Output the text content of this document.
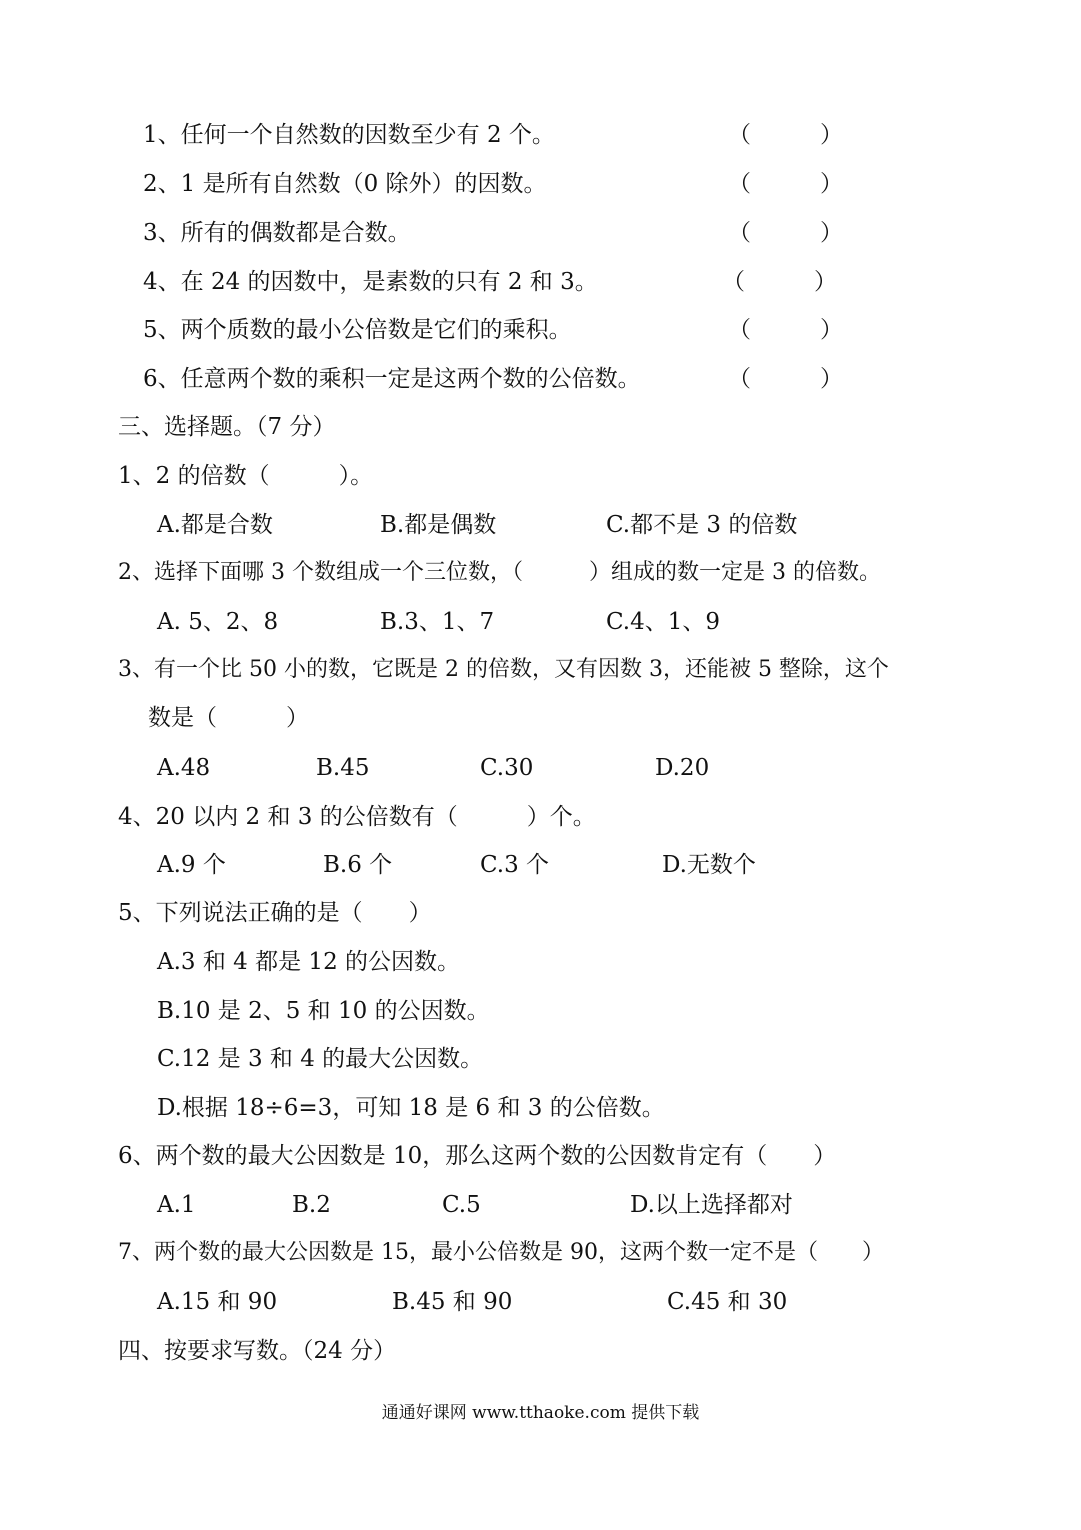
1、任何一个自然数的因数至少有 2 个。	（　　　）
2、1 是所有自然数（0 除外）的因数。	（　　　）
3、所有的偶数都是合数。	（　　　）
4、在 24 的因数中，是素数的只有 2 和 3。	（　　　）
5、两个质数的最小公倍数是它们的乘积。	（　　　）
6、任意两个数的乘积一定是这两个数的公倍数。	（　　　）
三、选择题。（7 分）
1、2 的倍数（　　　）。
A.都是合数	B.都是偶数	C.都不是 3 的倍数
2、选择下面哪 3 个数组成一个三位数，（　　　）组成的数一定是 3 的倍数。
A. 5、2、8	B.3、1、7	C.4、1、9
3、有一个比 50 小的数，它既是 2 的倍数，又有因数 3，还能被 5 整除，这个
数是（　　　）
A.48	B.45	C.30	D.20
4、20 以内 2 和 3 的公倍数有（　　　）个。
A.9 个	B.6 个	C.3 个	D.无数个
5、下列说法正确的是（　　）
A.3 和 4 都是 12 的公因数。
B.10 是 2、5 和 10 的公因数。
C.12 是 3 和 4 的最大公因数。
D.根据 18÷6=3，可知 18 是 6 和 3 的公倍数。
6、两个数的最大公因数是 10，那么这两个数的公因数肯定有（　　）
A.1	B.2	C.5	D.以上选择都对
7、两个数的最大公因数是 15，最小公倍数是 90，这两个数一定不是（　　）
A.15 和 90	B.45 和 90	C.45 和 30
四、按要求写数。（24 分）
通通好课网 www.tthaoke.com 提供下载
